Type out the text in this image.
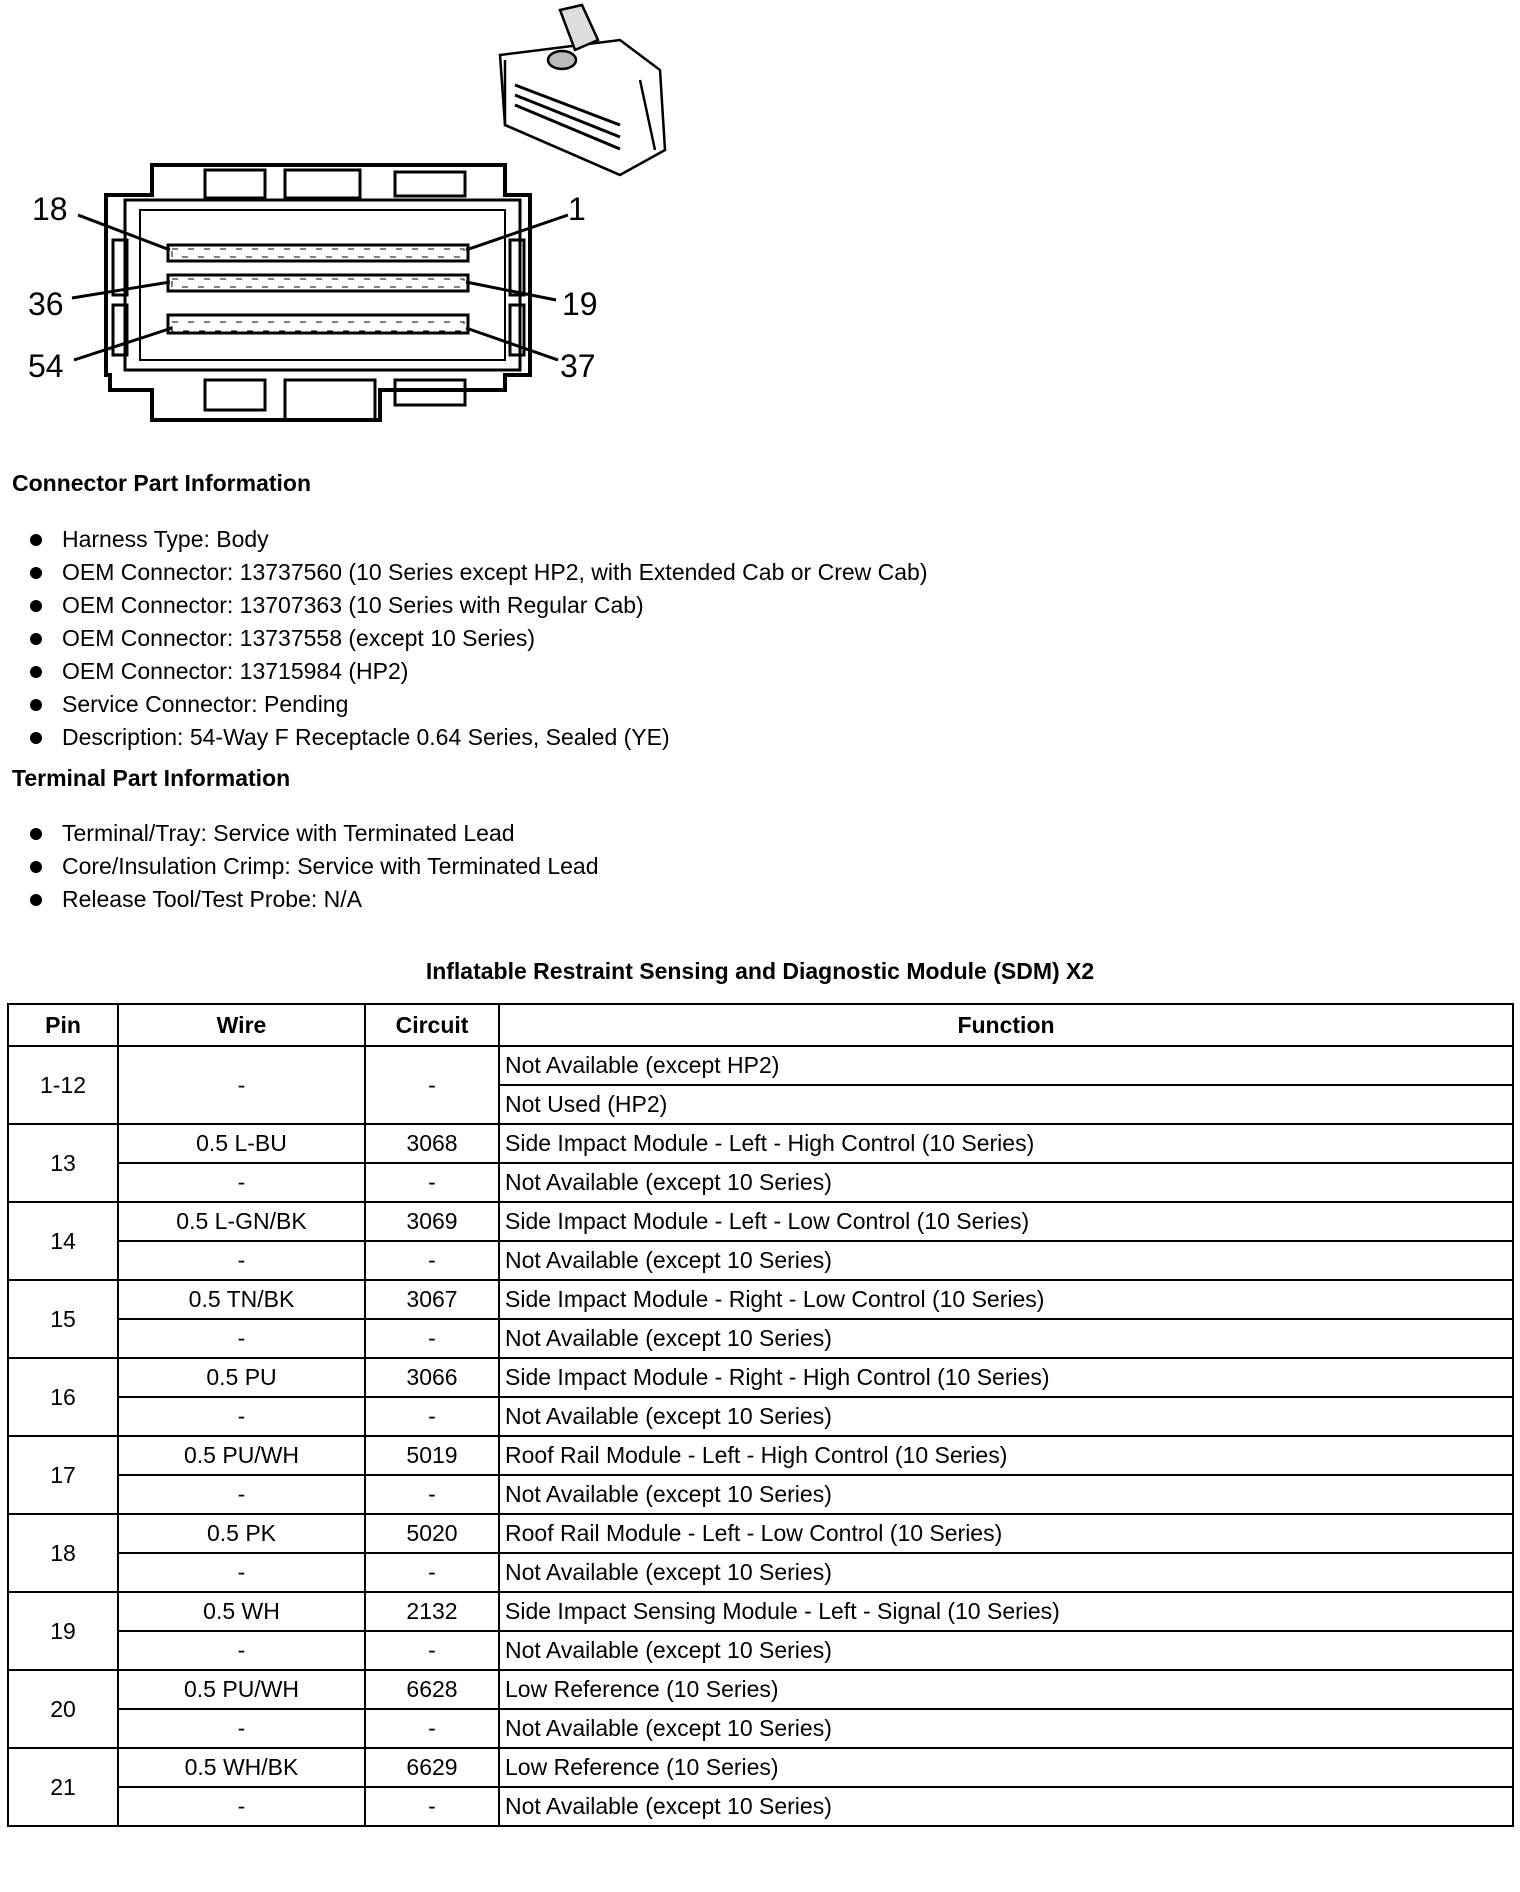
18	1
36	19
54	37
Connector Part Information
Harness Type: Body
OEM Connector: 13737560 (10 Series except HP2, with Extended Cab or Crew Cab)
OEM Connector: 13707363 (10 Series with Regular Cab)
OEM Connector: 13737558 (except 10 Series)
OEM Connector: 13715984 (HP2)
Service Connector: Pending
Description: 54-Way F Receptacle 0.64 Series, Sealed (YE)
Terminal Part Information
Terminal/Tray: Service with Terminated Lead
Core/Insulation Crimp: Service with Terminated Lead
Release Tool/Test Probe: N/A
Inflatable Restraint Sensing and Diagnostic Module (SDM) X2
Pin	Wire	Circuit	Function
1-12	-	-	Not Available (except HP2)
			Not Used (HP2)
13	0.5 L-BU	3068	Side Impact Module - Left - High Control (10 Series)
	-	-	Not Available (except 10 Series)
14	0.5 L-GN/BK	3069	Side Impact Module - Left - Low Control (10 Series)
	-	-	Not Available (except 10 Series)
15	0.5 TN/BK	3067	Side Impact Module - Right - Low Control (10 Series)
	-	-	Not Available (except 10 Series)
16	0.5 PU	3066	Side Impact Module - Right - High Control (10 Series)
	-	-	Not Available (except 10 Series)
17	0.5 PU/WH	5019	Roof Rail Module - Left - High Control (10 Series)
	-	-	Not Available (except 10 Series)
18	0.5 PK	5020	Roof Rail Module - Left - Low Control (10 Series)
	-	-	Not Available (except 10 Series)
19	0.5 WH	2132	Side Impact Sensing Module - Left - Signal (10 Series)
	-	-	Not Available (except 10 Series)
20	0.5 PU/WH	6628	Low Reference (10 Series)
	-	-	Not Available (except 10 Series)
21	0.5 WH/BK	6629	Low Reference (10 Series)
	-	-	Not Available (except 10 Series)
